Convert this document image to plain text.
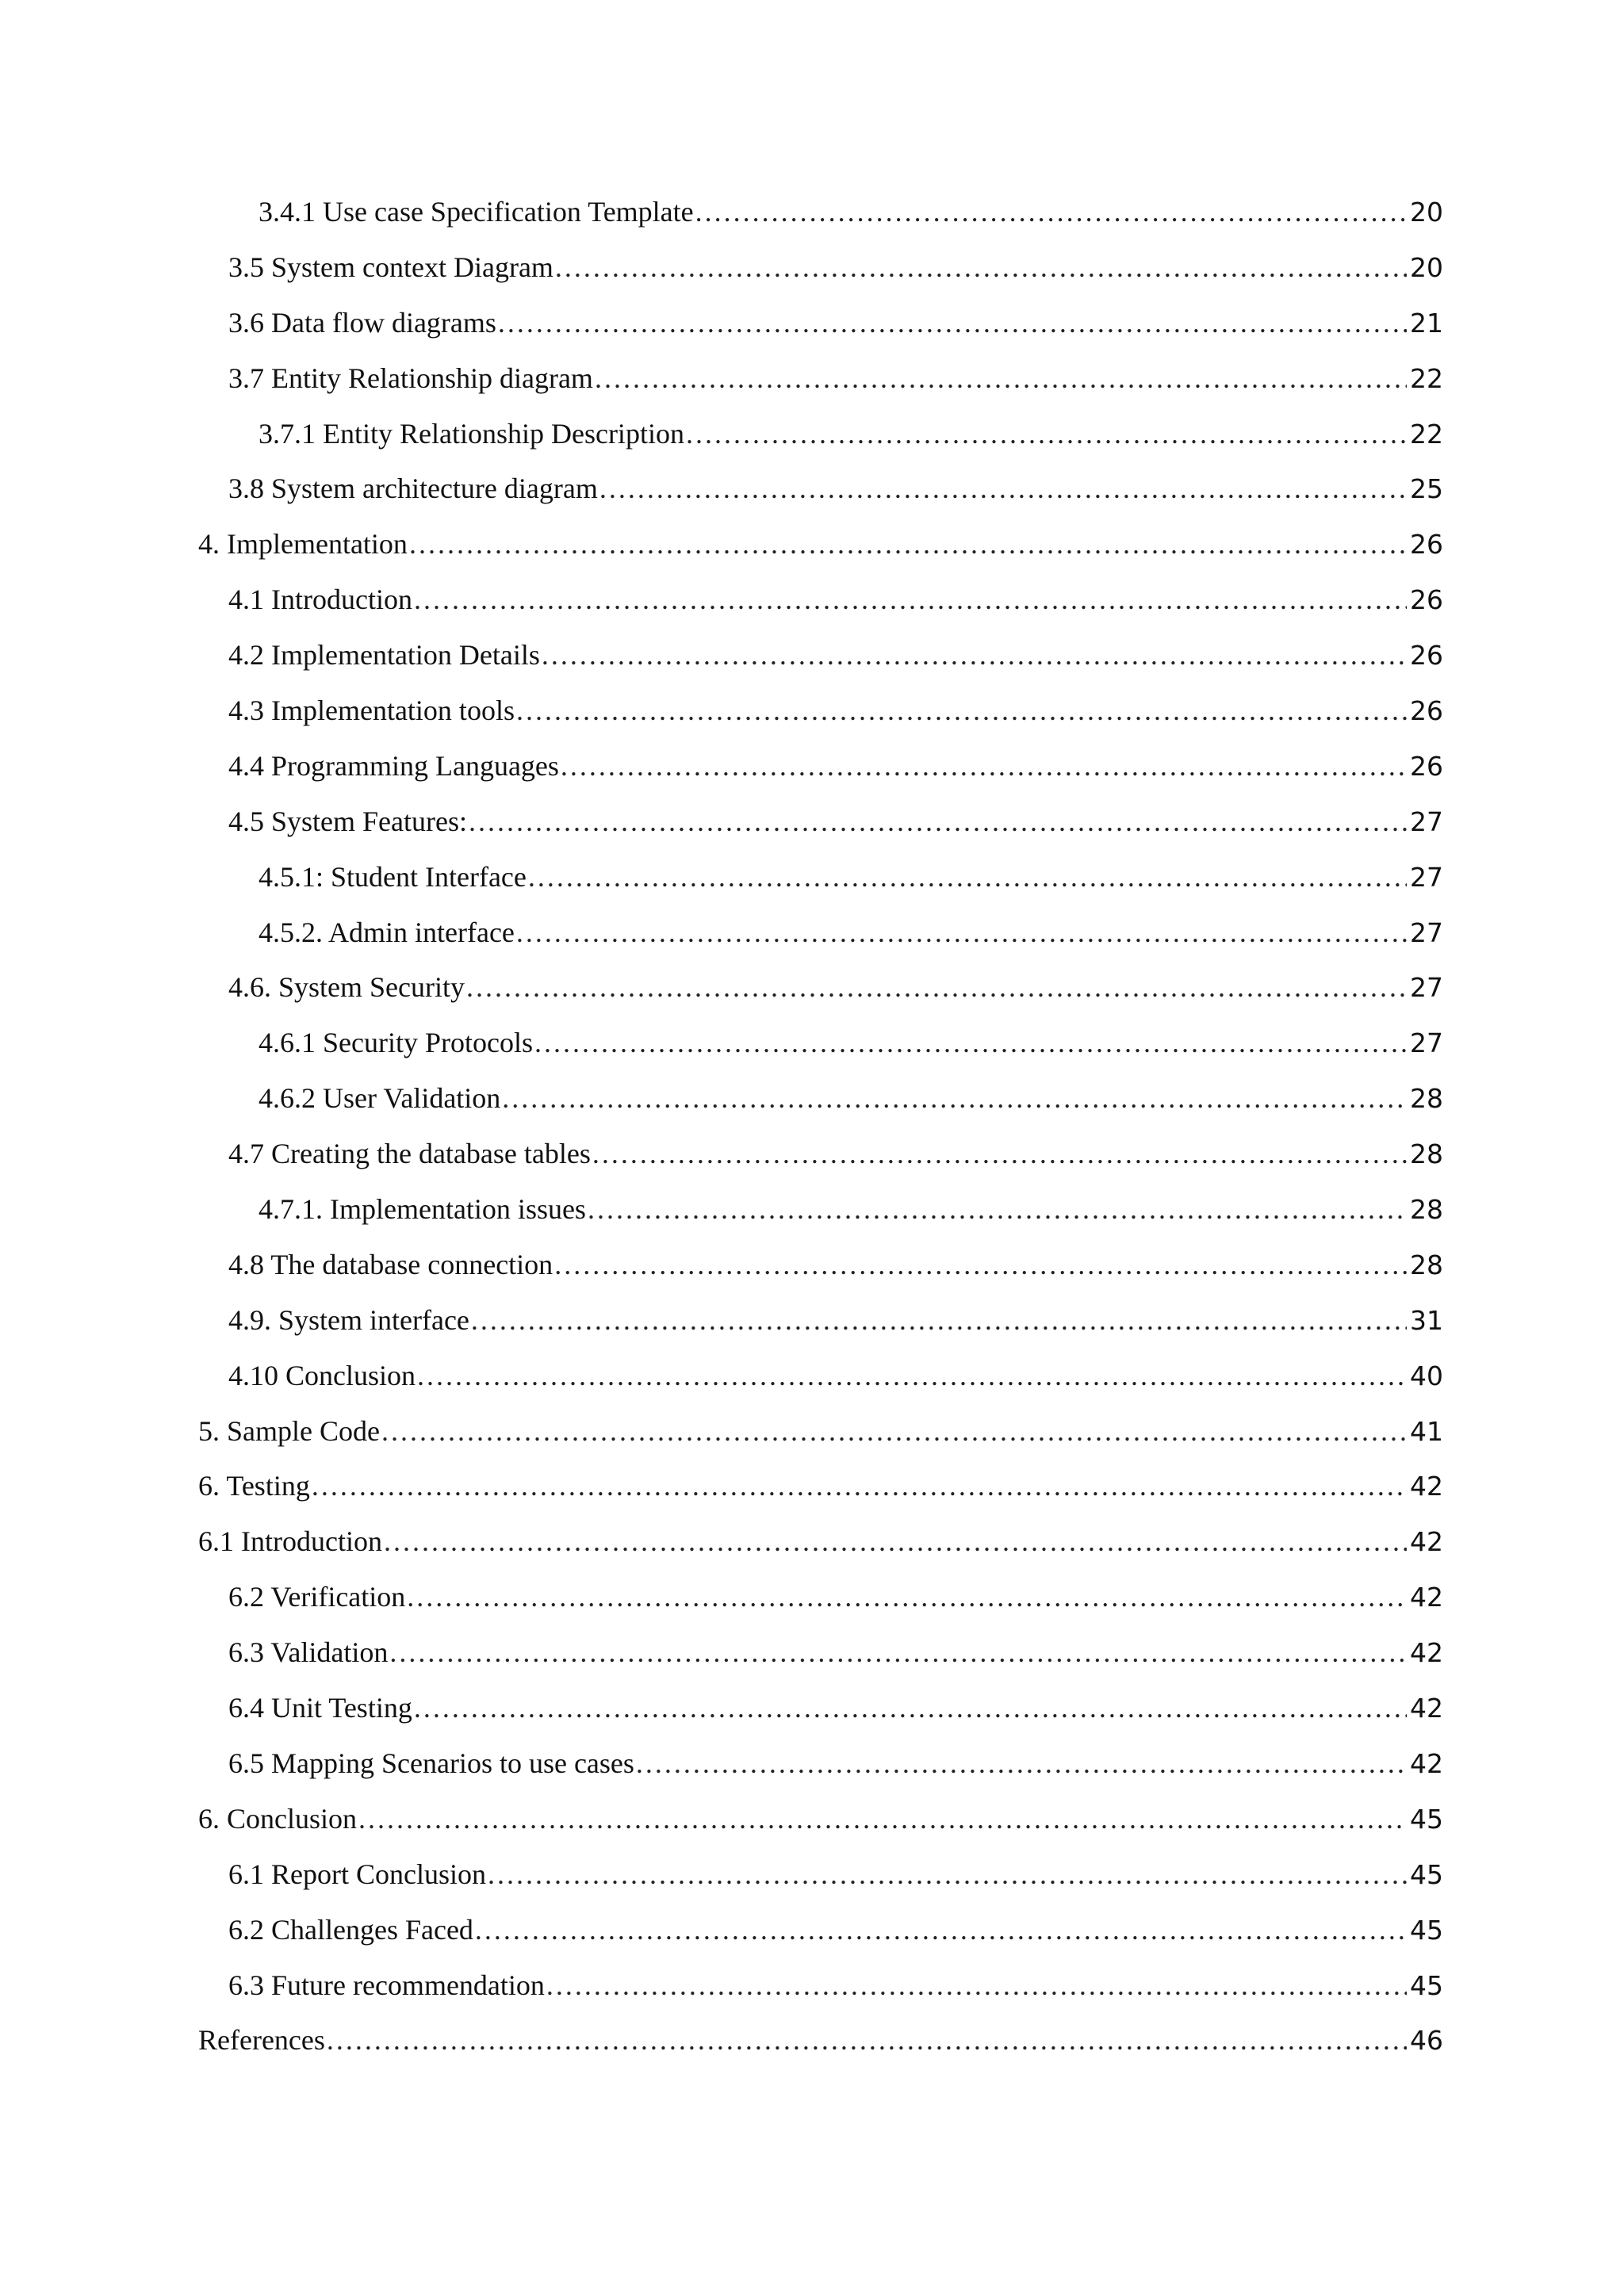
3.4.1 Use case Specification Template .....	20
3.5 System context Diagram .....	20
3.6 Data flow diagrams .....	21
3.7 Entity Relationship diagram .....	22
3.7.1 Entity Relationship Description .....	22
3.8 System architecture diagram .....	25
4. Implementation .....	26
4.1 Introduction .....	26
4.2 Implementation Details .....	26
4.3 Implementation tools .....	26
4.4 Programming Languages .....	26
4.5 System Features: .....	27
4.5.1: Student Interface .....	27
4.5.2. Admin interface .....	27
4.6. System Security .....	27
4.6.1 Security Protocols .....	27
4.6.2 User Validation .....	28
4.7 Creating the database tables .....	28
4.7.1. Implementation issues .....	28
4.8 The database connection .....	28
4.9. System interface .....	31
4.10 Conclusion .....	40
5. Sample Code .....	41
6. Testing .....	42
6.1 Introduction .....	42
6.2 Verification .....	42
6.3 Validation .....	42
6.4 Unit Testing .....	42
6.5 Mapping Scenarios to use cases .....	42
6. Conclusion .....	45
6.1 Report Conclusion .....	45
6.2 Challenges Faced .....	45
6.3 Future recommendation .....	45
References .....	46
